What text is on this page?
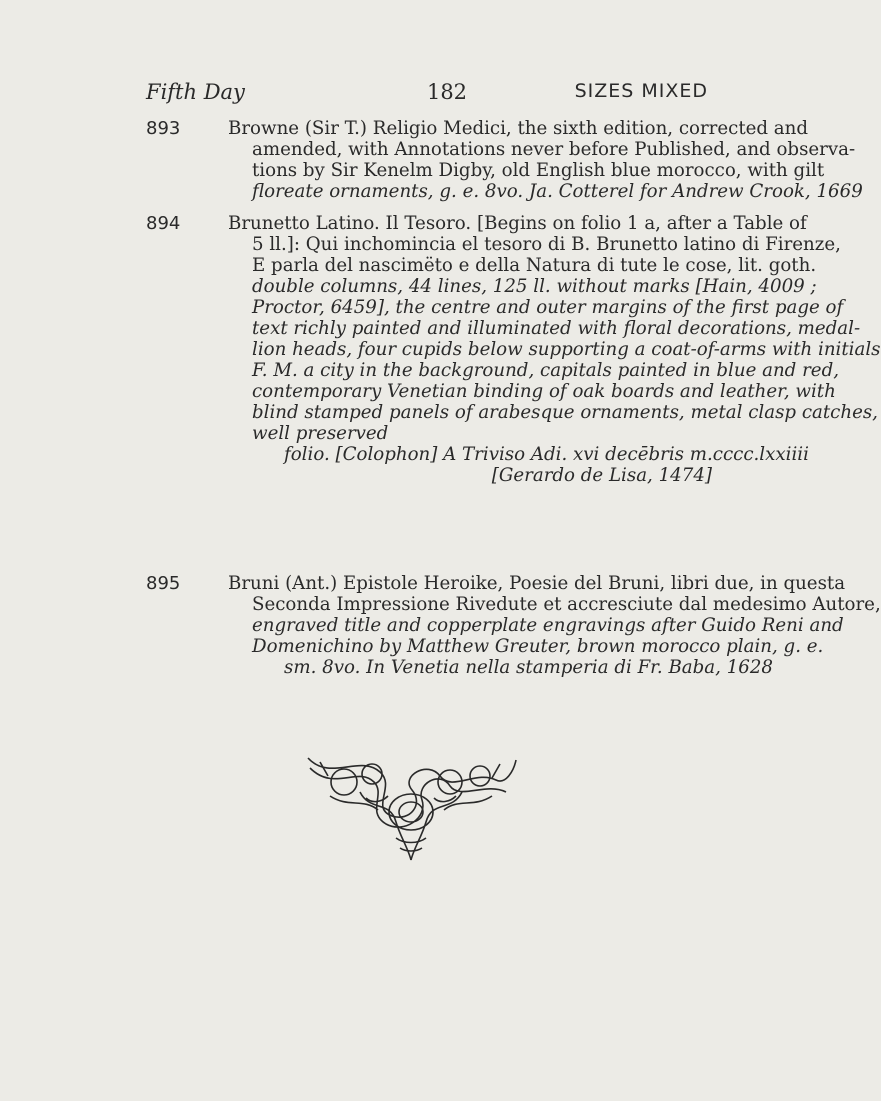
Fifth Day	182	SIZES MIXED
893	Browne (Sir T.) Religio Medici, the sixth edition, corrected and
amended, with Annotations never before Published, and observa-
tions by Sir Kenelm Digby, old English blue morocco, with gilt
floreate ornaments, g. e. 8vo. Ja. Cotterel for Andrew Crook, 1669
894	Brunetto Latino. Il Tesoro. [Begins on folio 1 a, after a Table of
5 ll.]: Qui inchomincia el tesoro di B. Brunetto latino di Firenze,
E parla del nascimëto e della Natura di tute le cose, lit. goth.
double columns, 44 lines, 125 ll. without marks [Hain, 4009 ;
Proctor, 6459], the centre and outer margins of the first page of
text richly painted and illuminated with floral decorations, medal-
lion heads, four cupids below supporting a coat-of-arms with initials
F. M. a city in the background, capitals painted in blue and red,
contemporary Venetian binding of oak boards and leather, with
blind stamped panels of arabesque ornaments, metal clasp catches,
well preserved
folio. [Colophon] A Triviso Adi. xvi decēbris m.cccc.lxxiiii
[Gerardo de Lisa, 1474]
895	Bruni (Ant.) Epistole Heroike, Poesie del Bruni, libri due, in questa
Seconda Impressione Rivedute et accresciute dal medesimo Autore,
engraved title and copperplate engravings after Guido Reni and
Domenichino by Matthew Greuter, brown morocco plain, g. e.
sm. 8vo. In Venetia nella stamperia di Fr. Baba, 1628
